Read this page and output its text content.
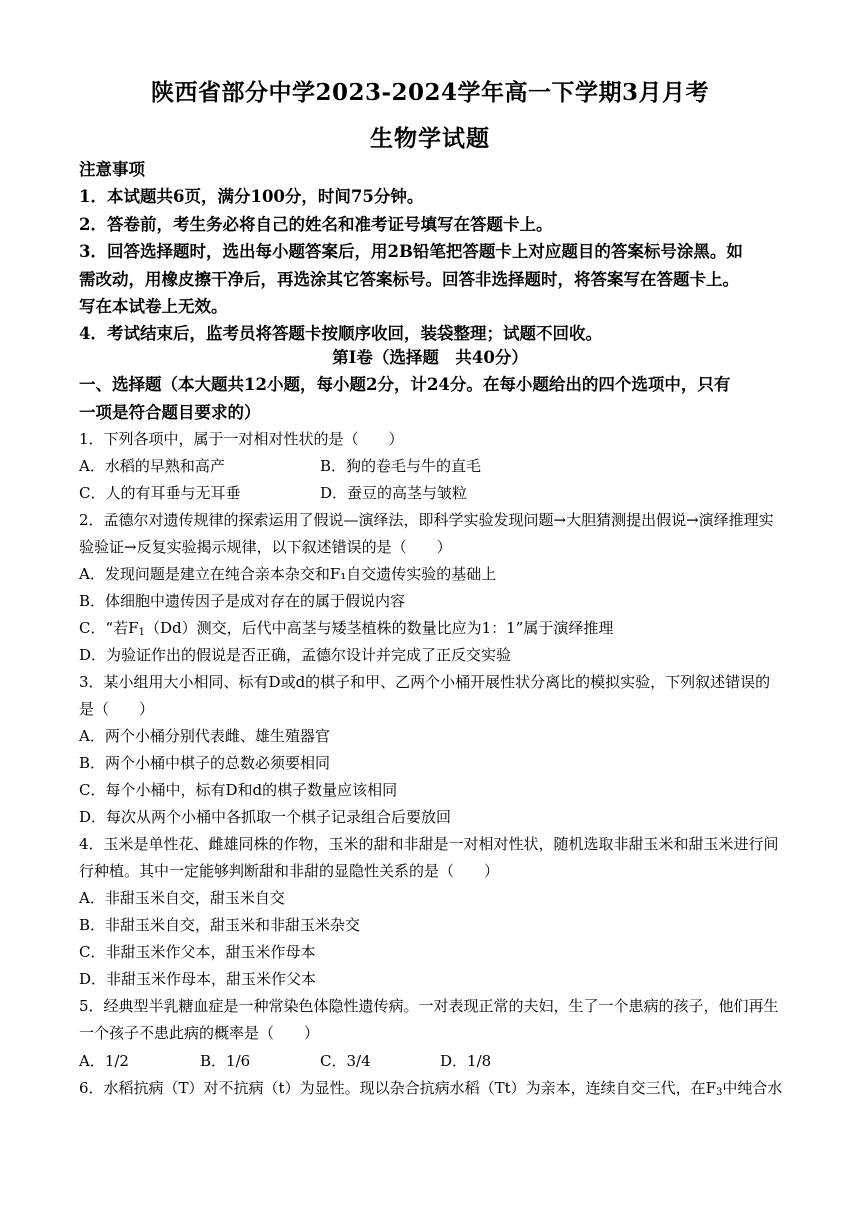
陕西省部分中学2023-2024学年高一下学期3月月考
生物学试题
注意事项
1．本试题共6页，满分100分，时间75分钟。
2．答卷前，考生务必将自己的姓名和准考证号填写在答题卡上。
3．回答选择题时，选出每小题答案后，用2B铅笔把答题卡上对应题目的答案标号涂黑。如
需改动，用橡皮擦干净后，再选涂其它答案标号。回答非选择题时，将答案写在答题卡上。
写在本试卷上无效。
4．考试结束后，监考员将答题卡按顺序收回，装袋整理；试题不回收。
第Ⅰ卷（选择题　共40分）
一、选择题（本大题共12小题，每小题2分，计24分。在每小题给出的四个选项中，只有
一项是符合题目要求的）
1．下列各项中，属于一对相对性状的是（　　）
A．水稻的早熟和高产	B．狗的卷毛与牛的直毛
C．人的有耳垂与无耳垂	D．蚕豆的高茎与皱粒
2．孟德尔对遗传规律的探索运用了假说—演绎法，即科学实验发现问题→大胆猜测提出假说→演绎推理实
验验证→反复实验揭示规律，以下叙述错误的是（　　）
A．发现问题是建立在纯合亲本杂交和F₁自交遗传实验的基础上
B．体细胞中遗传因子是成对存在的属于假说内容
C．“若$F_1(Dd)$测交，后代中高茎与矮茎植株的数量比应为1：1”属于演绎推理
D．为验证作出的假说是否正确，孟德尔设计并完成了正反交实验
3．某小组用大小相同、标有D或d的棋子和甲、乙两个小桶开展性状分离比的模拟实验，下列叙述错误的
是（　　）
A．两个小桶分别代表雌、雄生殖器官
B．两个小桶中棋子的总数必须要相同
C．每个小桶中，标有D和d的棋子数量应该相同
D．每次从两个小桶中各抓取一个棋子记录组合后要放回
4．玉米是单性花、雌雄同株的作物，玉米的甜和非甜是一对相对性状，随机选取非甜玉米和甜玉米进行间
行种植。其中一定能够判断甜和非甜的显隐性关系的是（　　）
A．非甜玉米自交，甜玉米自交
B．非甜玉米自交，甜玉米和非甜玉米杂交
C．非甜玉米作父本，甜玉米作母本
D．非甜玉米作母本，甜玉米作父本
5．经典型半乳糖血症是一种常染色体隐性遗传病。一对表现正常的夫妇，生了一个患病的孩子，他们再生
一个孩子不患此病的概率是（　　）
A．1/2	B．1/6	C．3/4	D．1/8
6．水稻抗病（T）对不抗病（t）为显性。现以杂合抗病水稻（Tt）为亲本，连续自交三代，在$F_3$中纯合水
